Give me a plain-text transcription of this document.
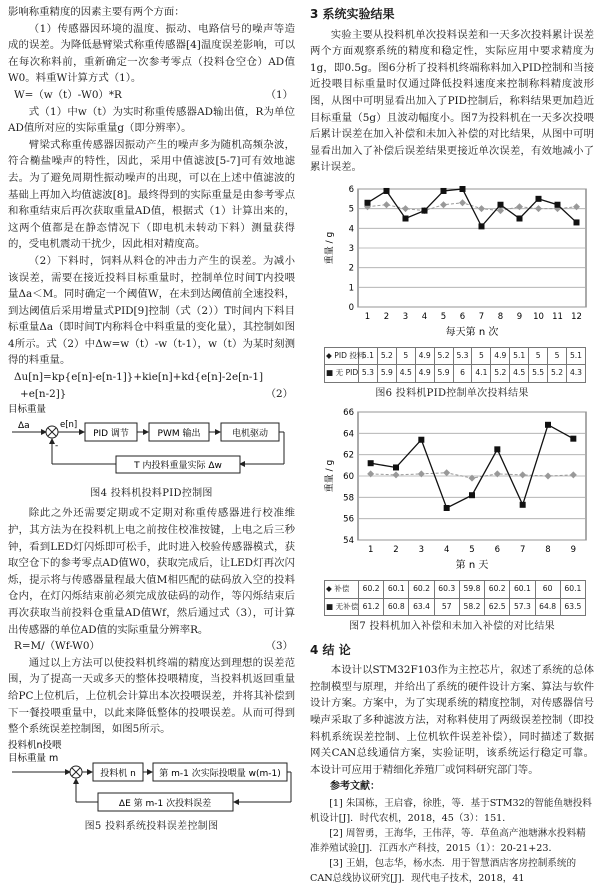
影响称重精度的因素主要有两个方面：

（1）传感器因环境的温度、振动、电路信号的噪声等造成的误差。为降低悬臂梁式称重传感器[4]温度误差影响，可以在每次称料前，重新确定一次参考零点（投料仓空仓）AD值W0。料重W计算方式（1）。

W=（w（t）-W0）*R	（1）

式（1）中w（t）为实时称重传感器AD输出值，R为单位AD值所对应的实际重量g（即分辨率）。

臂梁式称重传感器因振动产生的噪声多为随机高频杂波，符合椭盐噪声的特性，因此，采用中值滤波[5-7]可有效地滤去。为了避免周期性振动噪声的出现，可以在上述中值滤波的基础上再加入均值滤波[8]。最终得到的实际重量是由参考零点和称重结束后再次获取重量AD值，根据式（1）计算出来的，这两个值都是在静态情况下（即电机未转动下料）测量获得的，受电机震动干扰少，因此相对精度高。

（2）下料时，饲料从料仓的冲击力产生的误差。为减小该误差，需要在接近投料目标重量时，控制单位时间T内投喂量Δa＜M。同时确定一个阈值W，在未到达阈值前全速投料，到达阈值后采用增量式PID[9]控制（式（2））T时间内下料目标重量Δa（即时间T内称料仓中料重量的变化量），其控制如图4所示。式（2）中Δw=w（t）-w（t-1），w（t）为某时刻测得的料重量。

Δu[n]=kp{e[n]-e[n-1]}+kie[n]+kd{e[n]-2e[n-1]
+e[n-2]}	（2）
目标重量
Δa	e[n]
PID 调节	PWM 输出	电机驱动
T 内投料重量实际 Δw
-

图4 投料机投料PID控制图

除此之外还需要定期或不定期对称重传感器进行校准维护，其方法为在投料机上电之前按住校准按键，上电之后三秒钟，看到LED灯闪烁即可松手，此时进入校验传感器模式，获取空仓下的参考零点AD值W0，获取完成后，让LED灯再次闪烁，提示将与传感器量程最大值M相匹配的砝码放入空的投料仓内，在灯闪烁结束前必须完成放砝码的动作，等闪烁结束后再次获取当前投料仓重量AD值Wf，然后通过式（3），可计算出传感器的单位AD值的实际重量分辨率R。

R=M/（Wf-W0）	（3）

通过以上方法可以使投料机终端的精度达到理想的误差范围，为了提高一天或多天的整体投喂精度，当投料机返回重量给PC上位机后，上位机会计算出本次投喂误差，并将其补偿到下一餐投喂重量中，以此来降低整体的投喂误差。从而可得到整个系统误差控制图，如图5所示。

投料机n投喂
目标重量 m
投料机 n	第 m-1 次实际投喂量 w(m-1)
ΔE 第 m-1 次投料误差

图5 投料系统投料误差控制图

3 系统实验结果

实验主要从投料机单次投料误差和一天多次投料累计误差两个方面观察系统的精度和稳定性，实际应用中要求精度为1g，即0.5g。图6分析了投料机终端称料加入PID控制和当接近投喂目标重量时仅通过降低投料速度来控制称料精度波形图，从图中可明显看出加入了PID控制后，称料结果更加趋近目标重量（5g）且波动幅度小。图7为投料机在一天多次投喂后累计误差在加入补偿和未加入补偿的对比结果，从图中可明显看出加入了补偿后误差结果更接近单次误差，有效地减小了累计误差。

0
1
2
3
4
5
6
1 2 3 4 5 6 7 8 9 10 11 12
重量 / g
每天第 n 次
◆ PID 投料	5.1	5.2	5	4.9	5.2	5.3	5	4.9	5.1	5	5	5.1
■ 无 PID	5.3	5.9	4.5	4.9	5.9	6	4.1	5.2	4.5	5.5	5.2	4.3

图6 投料机PID控制单次投料结果

54
56
58
60
62
64
66
1 2 3 4 5 6 7 8 9
重量 / g
第 n 天
◆ 补偿	60.2	60.1	60.2	60.3	59.8	60.2	60.1	60	60.1
■ 无补偿	61.2	60.8	63.4	57	58.2	62.5	57.3	64.8	63.5

图7 投料机加入补偿和未加入补偿的对比结果

4 结 论

本设计以STM32F103作为主控芯片，叙述了系统的总体控制模型与原理，并给出了系统的硬件设计方案、算法与软件设计方案。方案中，为了实现系统的精度控制，对传感器信号噪声采取了多种滤波方法，对称料使用了两级误差控制（即投料机系统误差控制、上位机软件误差补偿），同时描述了数据网关CAN总线通信方案，实验证明，该系统运行稳定可靠。本设计可应用于精细化养殖厂或饲料研究部门等。

参考文献：

[1] 朱国栋，王启睿，徐胜，等．基于STM32的智能鱼塘投料机设计[J]．时代农机，2018，45（3）：151．

[2] 周智勇，王海华，王伟萍，等．草鱼高产池塘淋水投料精准养殖试验[J]．江西水产科技，2015（1）：20-21+23．

[3] 王娟，包志华，杨水杰．用于智慧酒店客房控制系统的CAN总线协议研究[J]．现代电子技术，2018，41
